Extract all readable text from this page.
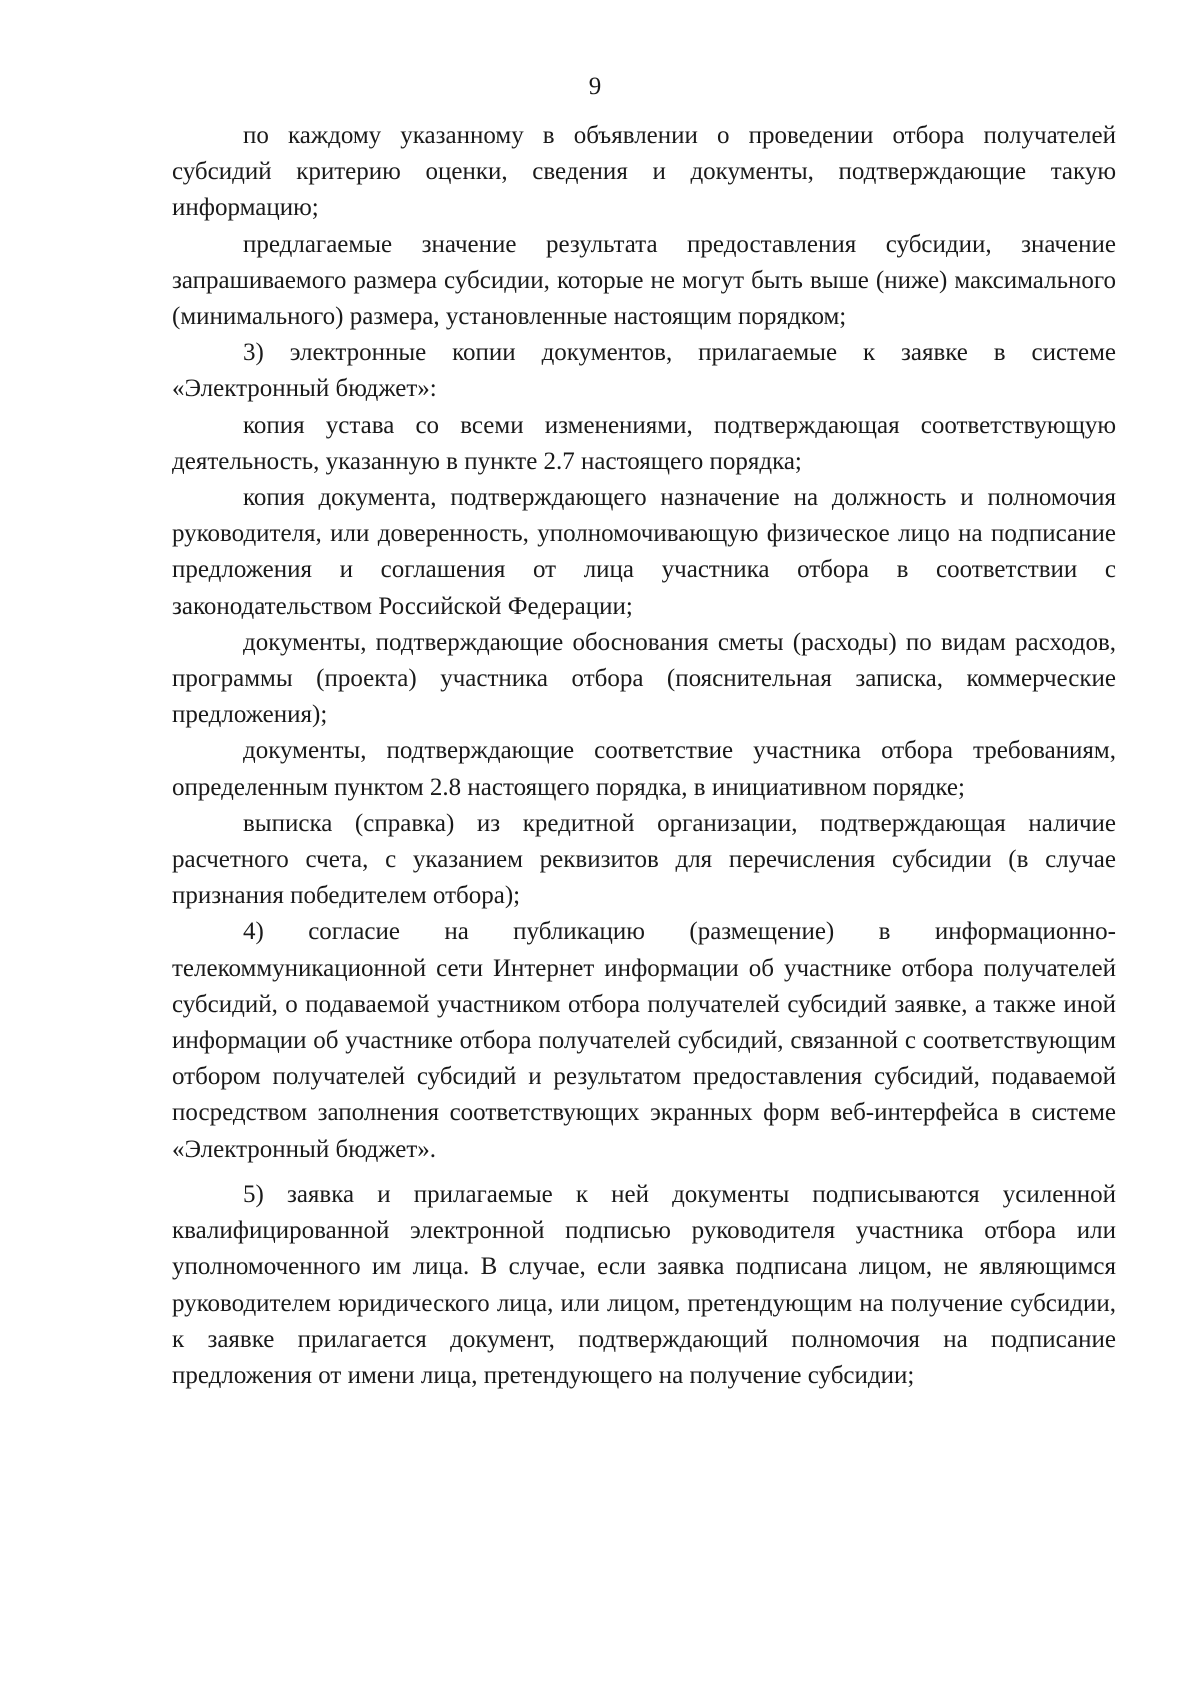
9

по каждому указанному в объявлении о проведении отбора получателей субсидий критерию оценки, сведения и документы, подтверждающие такую информацию;

предлагаемые значение результата предоставления субсидии, значение запрашиваемого размера субсидии, которые не могут быть выше (ниже) максимального (минимального) размера, установленные настоящим порядком;

3) электронные копии документов, прилагаемые к заявке в системе «Электронный бюджет»:

копия устава со всеми изменениями, подтверждающая соответствующую деятельность, указанную в пункте 2.7 настоящего порядка;

копия документа, подтверждающего назначение на должность и полномочия руководителя, или доверенность, уполномочивающую физическое лицо на подписание предложения и соглашения от лица участника отбора в соответствии с законодательством Российской Федерации;

документы, подтверждающие обоснования сметы (расходы) по видам расходов, программы (проекта) участника отбора (пояснительная записка, коммерческие предложения);

документы, подтверждающие соответствие участника отбора требованиям, определенным пунктом 2.8 настоящего порядка, в инициативном порядке;

выписка (справка) из кредитной организации, подтверждающая наличие расчетного счета, с указанием реквизитов для перечисления субсидии (в случае признания победителем отбора);

4) согласие на публикацию (размещение) в информационно-телекоммуникационной сети Интернет информации об участнике отбора получателей субсидий, о подаваемой участником отбора получателей субсидий заявке, а также иной информации об участнике отбора получателей субсидий, связанной с соответствующим отбором получателей субсидий и результатом предоставления субсидий, подаваемой посредством заполнения соответствующих экранных форм веб-интерфейса в системе «Электронный бюджет».

5) заявка и прилагаемые к ней документы подписываются усиленной квалифицированной электронной подписью руководителя участника отбора или уполномоченного им лица. В случае, если заявка подписана лицом, не являющимся руководителем юридического лица, или лицом, претендующим на получение субсидии, к заявке прилагается документ, подтверждающий полномочия на подписание предложения от имени лица, претендующего на получение субсидии;
